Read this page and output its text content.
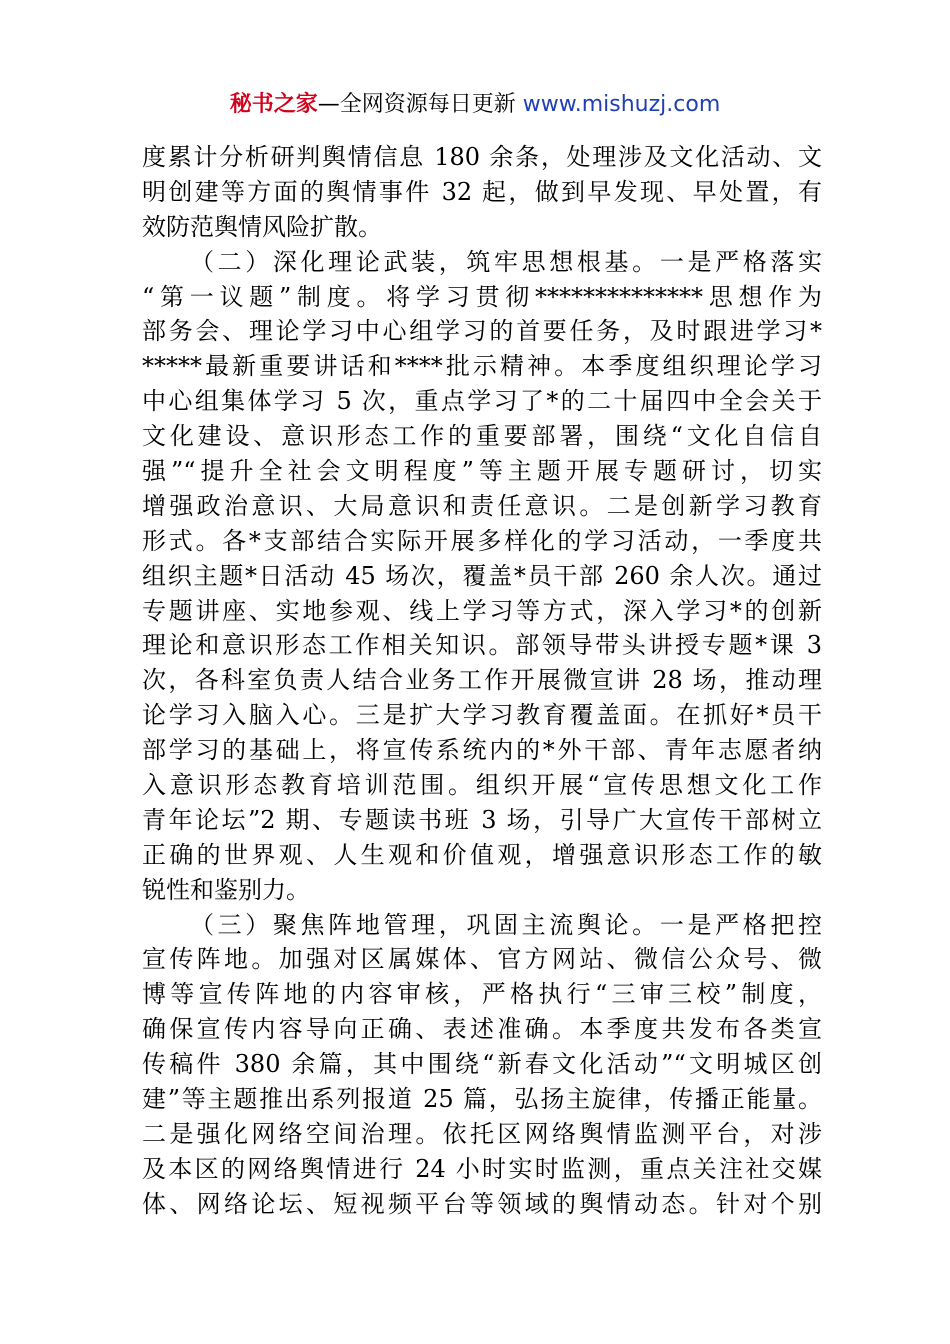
秘书之家—全网资源每日更新 www.mishuzj.com
度累计分析研判舆情信息 180 余条，处理涉及文化活动、文
明创建等方面的舆情事件 32 起，做到早发现、早处置，有
效防范舆情风险扩散。
（二）深化理论武装，筑牢思想根基。一是严格落实
“第一议题”制度。将学习贯彻**************思想作为
部务会、理论学习中心组学习的首要任务，及时跟进学习*
*****最新重要讲话和****批示精神。本季度组织理论学习
中心组集体学习 5 次，重点学习了*的二十届四中全会关于
文化建设、意识形态工作的重要部署，围绕“文化自信自
强”“提升全社会文明程度”等主题开展专题研讨，切实
增强政治意识、大局意识和责任意识。二是创新学习教育
形式。各*支部结合实际开展多样化的学习活动，一季度共
组织主题*日活动 45 场次，覆盖*员干部 260 余人次。通过
专题讲座、实地参观、线上学习等方式，深入学习*的创新
理论和意识形态工作相关知识。部领导带头讲授专题*课 3
次，各科室负责人结合业务工作开展微宣讲 28 场，推动理
论学习入脑入心。三是扩大学习教育覆盖面。在抓好*员干
部学习的基础上，将宣传系统内的*外干部、青年志愿者纳
入意识形态教育培训范围。组织开展“宣传思想文化工作
青年论坛”2 期、专题读书班 3 场，引导广大宣传干部树立
正确的世界观、人生观和价值观，增强意识形态工作的敏
锐性和鉴别力。
（三）聚焦阵地管理，巩固主流舆论。一是严格把控
宣传阵地。加强对区属媒体、官方网站、微信公众号、微
博等宣传阵地的内容审核，严格执行“三审三校”制度，
确保宣传内容导向正确、表述准确。本季度共发布各类宣
传稿件 380 余篇，其中围绕“新春文化活动”“文明城区创
建”等主题推出系列报道 25 篇，弘扬主旋律，传播正能量。
二是强化网络空间治理。依托区网络舆情监测平台，对涉
及本区的网络舆情进行 24 小时实时监测，重点关注社交媒
体、网络论坛、短视频平台等领域的舆情动态。针对个别
